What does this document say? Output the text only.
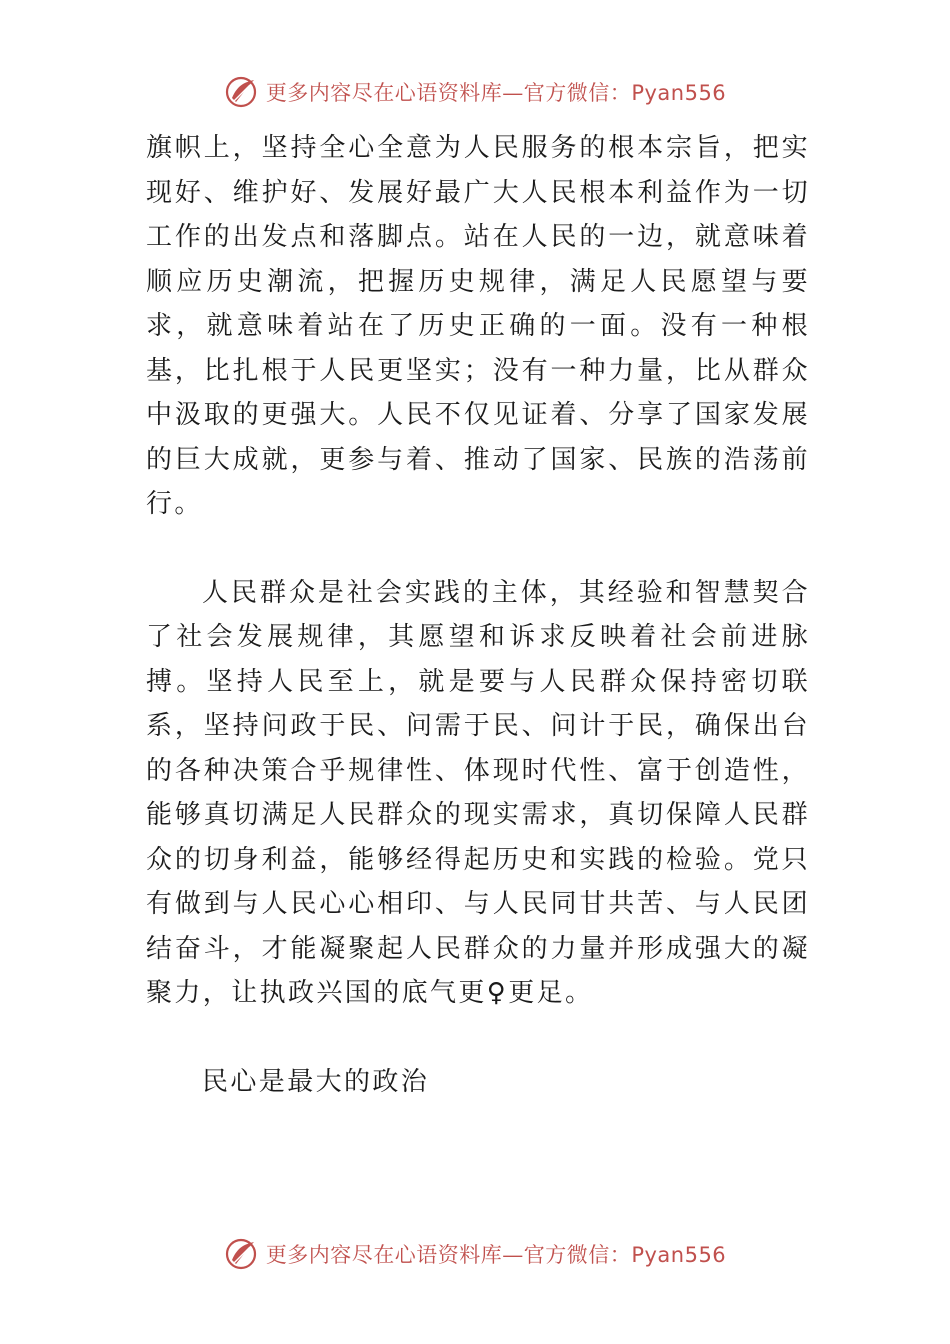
更多内容尽在心语资料库—官方微信：Pyan556

旗帜上，坚持全心全意为人民服务的根本宗旨，把实现好、维护好、发展好最广大人民根本利益作为一切工作的出发点和落脚点。站在人民的一边，就意味着顺应历史潮流，把握历史规律，满足人民愿望与要求，就意味着站在了历史正确的一面。没有一种根基，比扎根于人民更坚实；没有一种力量，比从群众中汲取的更强大。人民不仅见证着、分享了国家发展的巨大成就，更参与着、推动了国家、民族的浩荡前行。

人民群众是社会实践的主体，其经验和智慧契合了社会发展规律，其愿望和诉求反映着社会前进脉搏。坚持人民至上，就是要与人民群众保持密切联系，坚持问政于民、问需于民、问计于民，确保出台的各种决策合乎规律性、体现时代性、富于创造性，能够真切满足人民群众的现实需求，真切保障人民群众的切身利益，能够经得起历史和实践的检验。党只有做到与人民心心相印、与人民同甘共苦、与人民团结奋斗，才能凝聚起人民群众的力量并形成强大的凝聚力，让执政兴国的底气更♀更足。

民心是最大的政治

更多内容尽在心语资料库—官方微信：Pyan556
